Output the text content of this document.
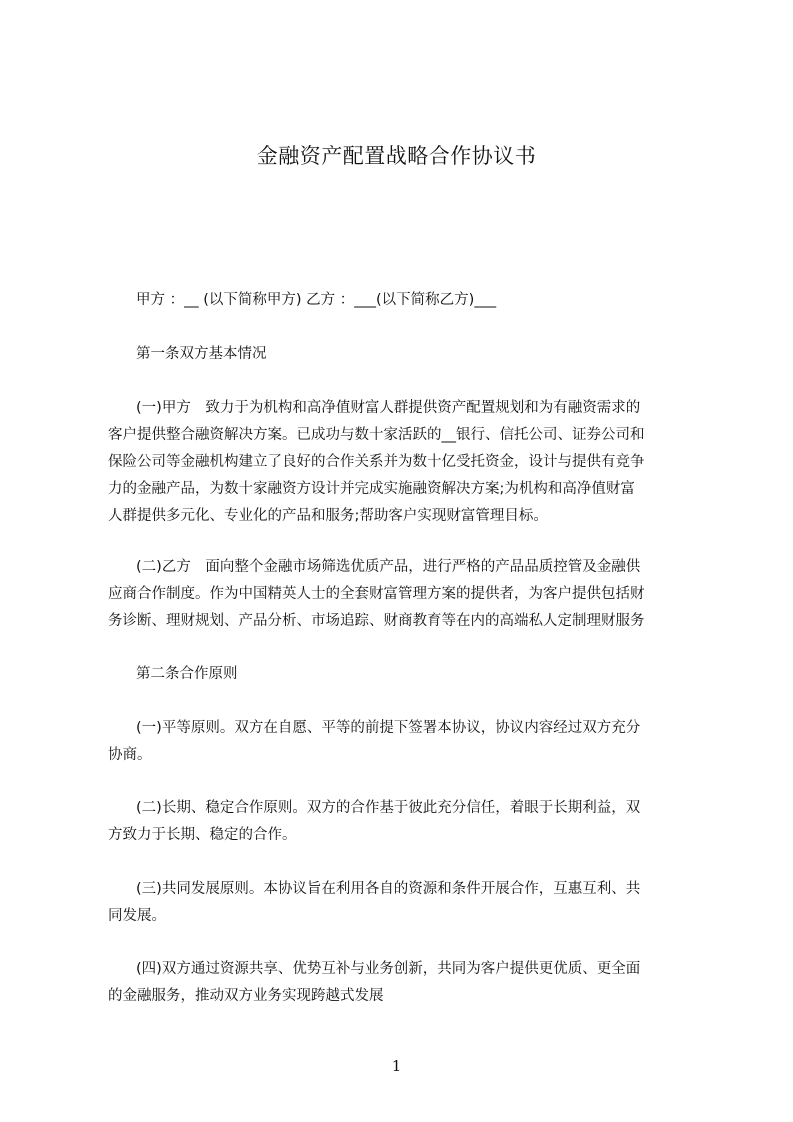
金融资产配置战略合作协议书
甲方 ：__ (以下简称甲方) 乙方 ：___(以下简称乙方)___
第一条双方基本情况
(一)甲方　致力于为机构和高净值财富人群提供资产配置规划和为有融资需求的
客户提供整合融资解决方案。已成功与数十家活跃的__银行、信托公司、证券公司和
保险公司等金融机构建立了良好的合作关系并为数十亿受托资金，设计与提供有竞争
力的金融产品，为数十家融资方设计并完成实施融资解决方案;为机构和高净值财富
人群提供多元化、专业化的产品和服务;帮助客户实现财富管理目标。
(二)乙方　面向整个金融市场筛选优质产品，进行严格的产品品质控管及金融供
应商合作制度。作为中国精英人士的全套财富管理方案的提供者，为客户提供包括财
务诊断、理财规划、产品分析、市场追踪、财商教育等在内的高端私人定制理财服务
第二条合作原则
(一)平等原则。双方在自愿、平等的前提下签署本协议，协议内容经过双方充分
协商。
(二)长期、稳定合作原则。双方的合作基于彼此充分信任，着眼于长期利益，双
方致力于长期、稳定的合作。
(三)共同发展原则。本协议旨在利用各自的资源和条件开展合作，互惠互利、共
同发展。
(四)双方通过资源共享、优势互补与业务创新，共同为客户提供更优质、更全面
的金融服务，推动双方业务实现跨越式发展
1
